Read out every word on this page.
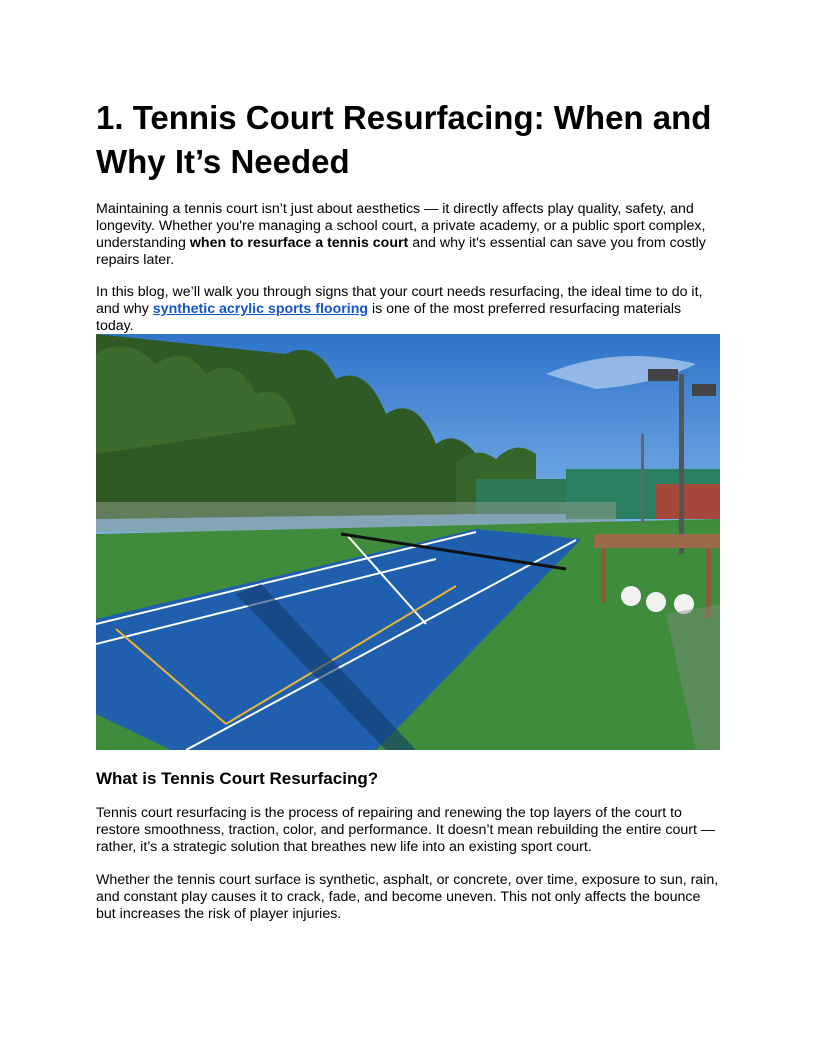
1. Tennis Court Resurfacing: When and Why It’s Needed

Maintaining a tennis court isn’t just about aesthetics — it directly affects play quality, safety, and longevity. Whether you're managing a school court, a private academy, or a public sport complex, understanding when to resurface a tennis court and why it's essential can save you from costly repairs later.

In this blog, we’ll walk you through signs that your court needs resurfacing, the ideal time to do it, and why synthetic acrylic sports flooring is one of the most preferred resurfacing materials today.

What is Tennis Court Resurfacing?

Tennis court resurfacing is the process of repairing and renewing the top layers of the court to restore smoothness, traction, color, and performance. It doesn’t mean rebuilding the entire court — rather, it’s a strategic solution that breathes new life into an existing sport court.

Whether the tennis court surface is synthetic, asphalt, or concrete, over time, exposure to sun, rain, and constant play causes it to crack, fade, and become uneven. This not only affects the bounce but increases the risk of player injuries.
